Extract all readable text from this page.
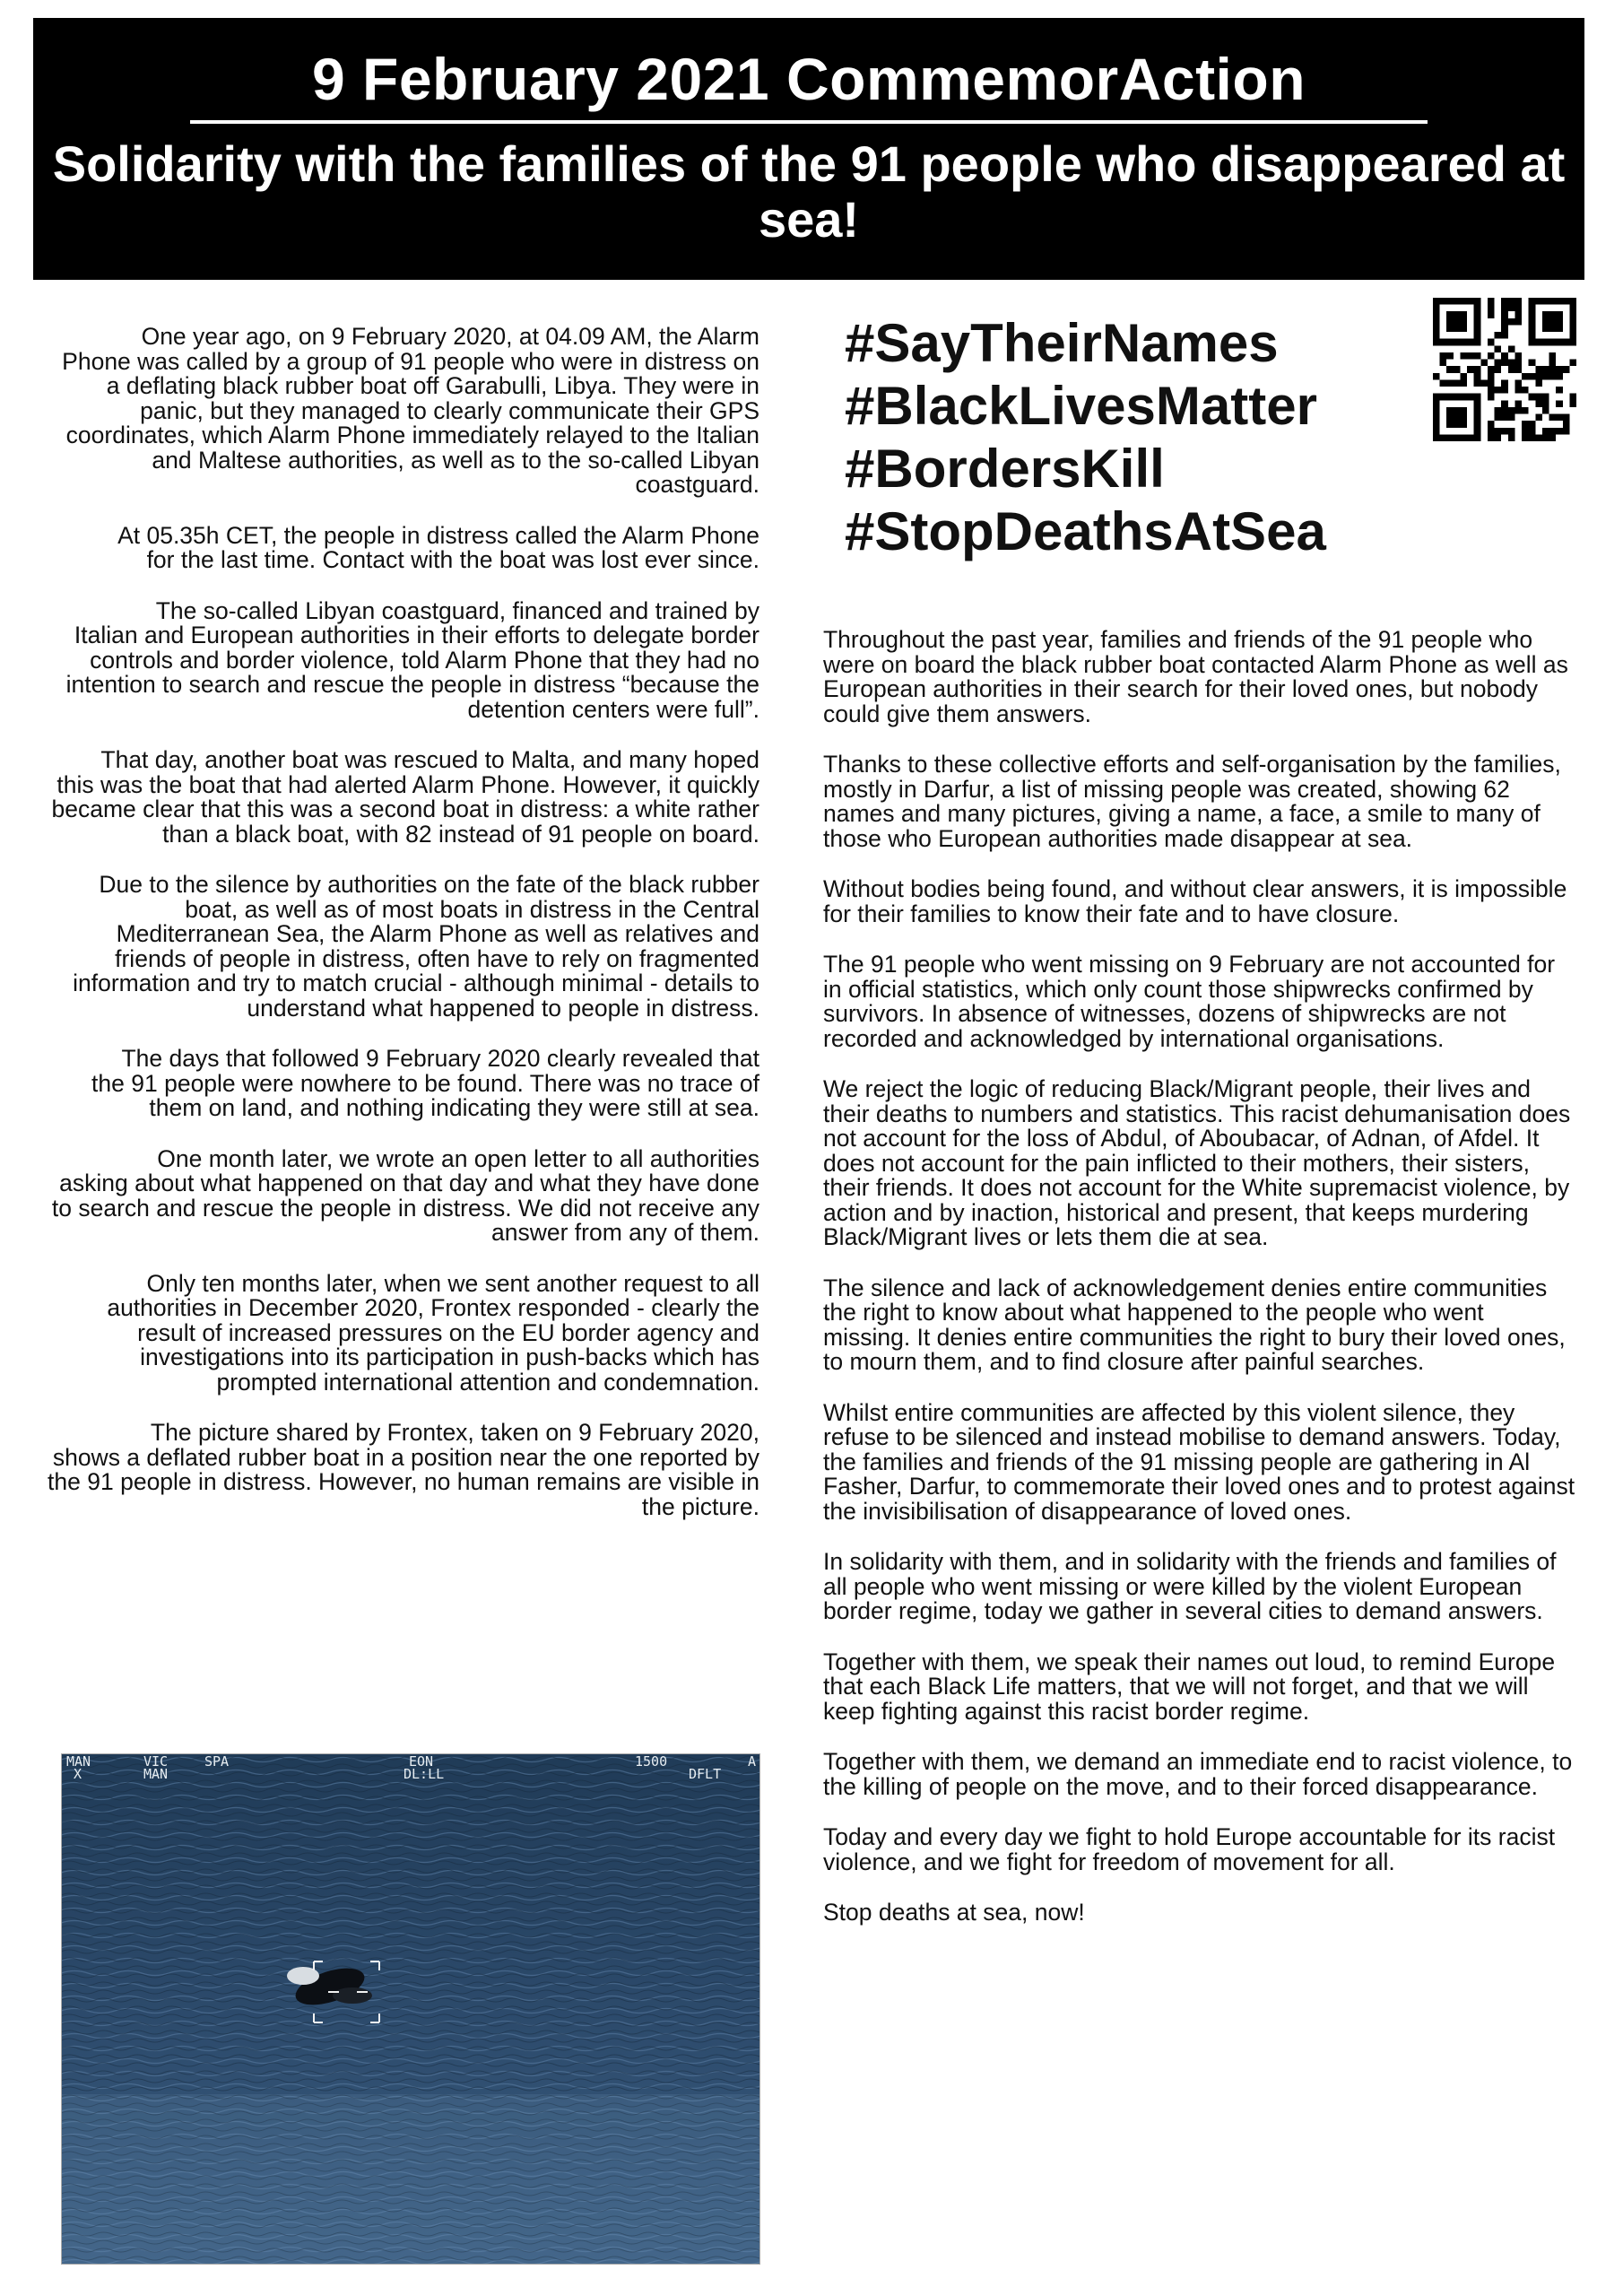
9 February 2021 CommemorAction
Solidarity with the families of the 91 people who disappeared at sea!

One year ago, on 9 February 2020, at 04.09 AM, the Alarm Phone was called by a group of 91 people who were in distress on a deflating black rubber boat off Garabulli, Libya. They were in panic, but they managed to clearly communicate their GPS coordinates, which Alarm Phone immediately relayed to the Italian and Maltese authorities, as well as to the so-called Libyan coastguard.

At 05.35h CET, the people in distress called the Alarm Phone for the last time. Contact with the boat was lost ever since.

The so-called Libyan coastguard, financed and trained by Italian and European authorities in their efforts to delegate border controls and border violence, told Alarm Phone that they had no intention to search and rescue the people in distress “because the detention centers were full”.

That day, another boat was rescued to Malta, and many hoped this was the boat that had alerted Alarm Phone. However, it quickly became clear that this was a second boat in distress: a white rather than a black boat, with 82 instead of 91 people on board.

Due to the silence by authorities on the fate of the black rubber boat, as well as of most boats in distress in the Central Mediterranean Sea, the Alarm Phone as well as relatives and friends of people in distress, often have to rely on fragmented information and try to match crucial - although minimal - details to understand what happened to people in distress.

The days that followed 9 February 2020 clearly revealed that the 91 people were nowhere to be found. There was no trace of them on land, and nothing indicating they were still at sea.

One month later, we wrote an open letter to all authorities asking about what happened on that day and what they have done to search and rescue the people in distress. We did not receive any answer from any of them.

Only ten months later, when we sent another request to all authorities in December 2020, Frontex responded - clearly the result of increased pressures on the EU border agency and investigations into its participation in push-backs which has prompted international attention and condemnation.

The picture shared by Frontex, taken on 9 February 2020, shows a deflated rubber boat in a position near the one reported by the 91 people in distress. However, no human remains are visible in the picture.

#SayTheirNames
#BlackLivesMatter
#BordersKill
#StopDeathsAtSea

Throughout the past year, families and friends of the 91 people who were on board the black rubber boat contacted Alarm Phone as well as European authorities in their search for their loved ones, but nobody could give them answers.

Thanks to these collective efforts and self-organisation by the families, mostly in Darfur, a list of missing people was created, showing 62 names and many pictures, giving a name, a face, a smile to many of those who European authorities made disappear at sea.

Without bodies being found, and without clear answers, it is impossible for their families to know their fate and to have closure.

The 91 people who went missing on 9 February are not accounted for in official statistics, which only count those shipwrecks confirmed by survivors. In absence of witnesses, dozens of shipwrecks are not recorded and acknowledged by international organisations.

We reject the logic of reducing Black/Migrant people, their lives and their deaths to numbers and statistics. This racist dehumanisation does not account for the loss of Abdul, of Aboubacar, of Adnan, of Afdel. It does not account for the pain inflicted to their mothers, their sisters, their friends. It does not account for the White supremacist violence, by action and by inaction, historical and present, that keeps murdering Black/Migrant lives or lets them die at sea.

The silence and lack of acknowledgement denies entire communities the right to know about what happened to the people who went missing. It denies entire communities the right to bury their loved ones, to mourn them, and to find closure after painful searches.

Whilst entire communities are affected by this violent silence, they refuse to be silenced and instead mobilise to demand answers. Today, the families and friends of the 91 missing people are gathering in Al Fasher, Darfur, to commemorate their loved ones and to protest against the invisibilisation of disappearance of loved ones.

In solidarity with them, and in solidarity with the friends and families of all people who went missing or were killed by the violent European border regime, today we gather in several cities to demand answers.

Together with them, we speak their names out loud, to remind Europe that each Black Life matters, that we will not forget, and that we will keep fighting against this racist border regime.

Together with them, we demand an immediate end to racist violence, to the killing of people on the move, and to their forced disappearance.

Today and every day we fight to hold Europe accountable for its racist violence, and we fight for freedom of movement for all.

Stop deaths at sea, now!

MAN
X
VIC
MAN
SPA	EON
DL:LL
1500
DFLT
A
